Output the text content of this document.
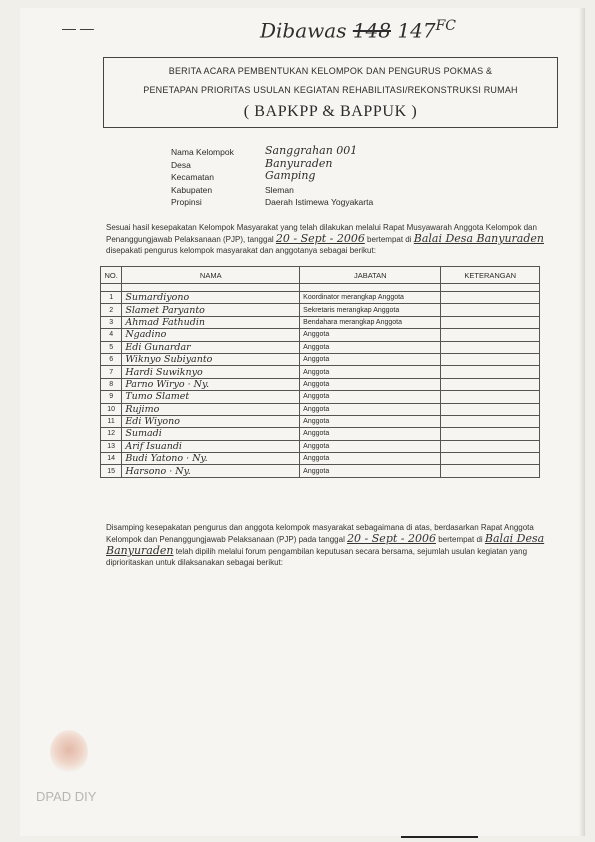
— —	Dibawas 148 $147^{FC}$
BERITA ACARA PEMBENTUKAN KELOMPOK DAN PENGURUS POKMAS &
PENETAPAN PRIORITAS USULAN KEGIATAN REHABILITASI/REKONSTRUKSI RUMAH
( BAPKPP & BAPPUK )
Nama Kelompok	Sanggrahan 001
Desa	Banyuraden
Kecamatan	Gamping
Kabupaten	Sleman
Propinsi	Daerah Istimewa Yogyakarta
Sesuai hasil kesepakatan Kelompok Masyarakat yang telah dilakukan melalui Rapat Musyawarah Anggota Kelompok dan Penanggungjawab Pelaksanaan (PJP), tanggal 20 - Sept - 2006 bertempat di Balai Desa Banyuraden disepakati pengurus kelompok masyarakat dan anggotanya sebagai berikut:
NO.	NAMA	JABATAN	KETERANGAN

1	Sumardiyono	Koordinator merangkap Anggota	
2	Slamet Paryanto	Sekretaris merangkap Anggota	
3	Ahmad Fathudin	Bendahara merangkap Anggota	
4	Ngadino	Anggota	
5	Edi Gunardar	Anggota	
6	Wiknyo Subiyanto	Anggota	
7	Hardi Suwiknyo	Anggota	
8	Parno Wiryo · Ny.	Anggota	
9	Tumo Slamet	Anggota	
10	Rujimo	Anggota	
11	Edi Wiyono	Anggota	
12	Sumadi	Anggota	
13	Arif Isuandi	Anggota	
14	Budi Yatono · Ny.	Anggota	
15	Harsono · Ny.	Anggota	
Disamping kesepakatan pengurus dan anggota kelompok masyarakat sebagaimana di atas, berdasarkan Rapat Anggota Kelompok dan Penanggungjawab Pelaksanaan (PJP) pada tanggal 20 - Sept - 2006 bertempat di Balai Desa Banyuraden telah dipilih melalui forum pengambilan keputusan secara bersama, sejumlah usulan kegiatan yang diprioritaskan untuk dilaksanakan sebagai berikut:
DPAD DIY
